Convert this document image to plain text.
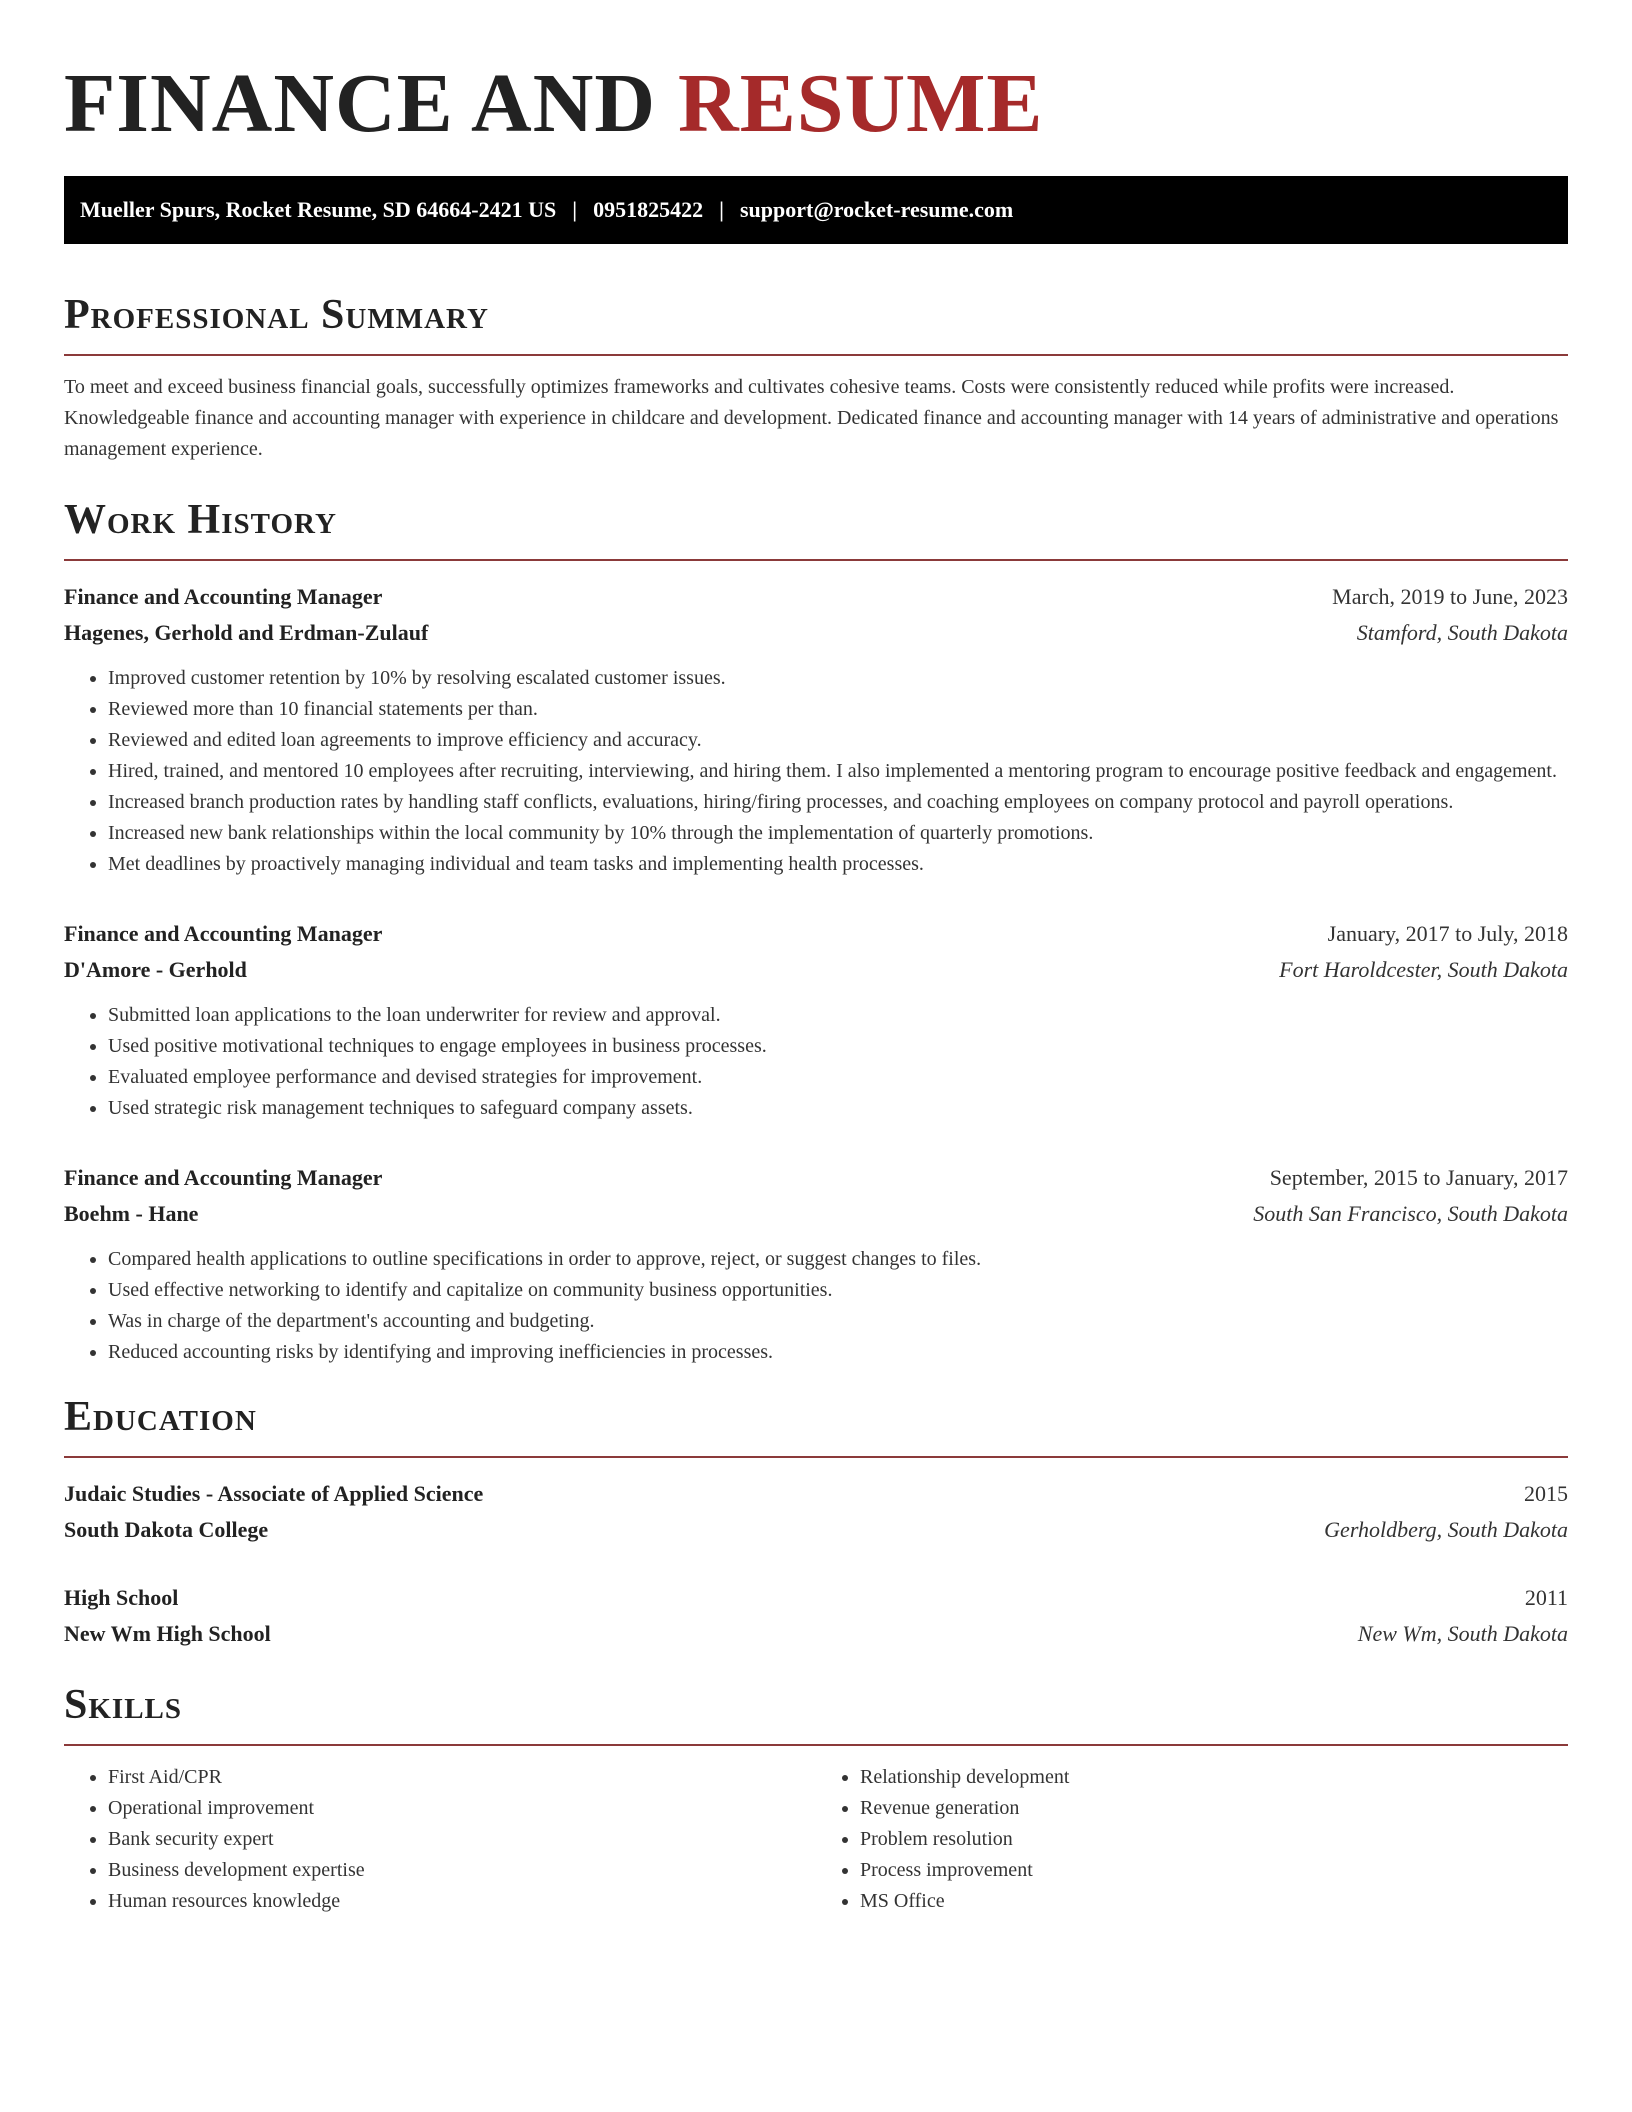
FINANCE AND RESUME
Mueller Spurs, Rocket Resume, SD 64664-2421 US | 0951825422 | support@rocket-resume.com
Professional Summary

To meet and exceed business financial goals, successfully optimizes frameworks and cultivates cohesive teams. Costs were consistently reduced while profits were increased. Knowledgeable finance and accounting manager with experience in childcare and development. Dedicated finance and accounting manager with 14 years of administrative and operations management experience.

Work History
Finance and Accounting Manager	March, 2019 to June, 2023
Hagenes, Gerhold and Erdman-Zulauf	Stamford, South Dakota
• Improved customer retention by 10% by resolving escalated customer issues.
• Reviewed more than 10 financial statements per than.
• Reviewed and edited loan agreements to improve efficiency and accuracy.
• Hired, trained, and mentored 10 employees after recruiting, interviewing, and hiring them. I also implemented a mentoring program to encourage positive feedback and engagement.
• Increased branch production rates by handling staff conflicts, evaluations, hiring/firing processes, and coaching employees on company protocol and payroll operations.
• Increased new bank relationships within the local community by 10% through the implementation of quarterly promotions.
• Met deadlines by proactively managing individual and team tasks and implementing health processes.
Finance and Accounting Manager	January, 2017 to July, 2018
D'Amore - Gerhold	Fort Haroldcester, South Dakota
• Submitted loan applications to the loan underwriter for review and approval.
• Used positive motivational techniques to engage employees in business processes.
• Evaluated employee performance and devised strategies for improvement.
• Used strategic risk management techniques to safeguard company assets.
Finance and Accounting Manager	September, 2015 to January, 2017
Boehm - Hane	South San Francisco, South Dakota
• Compared health applications to outline specifications in order to approve, reject, or suggest changes to files.
• Used effective networking to identify and capitalize on community business opportunities.
• Was in charge of the department's accounting and budgeting.
• Reduced accounting risks by identifying and improving inefficiencies in processes.
Education
Judaic Studies - Associate of Applied Science	2015
South Dakota College	Gerholdberg, South Dakota
High School	2011
New Wm High School	New Wm, South Dakota
Skills
• First Aid/CPR
• Operational improvement
• Bank security expert
• Business development expertise
• Human resources knowledge
• Relationship development
• Revenue generation
• Problem resolution
• Process improvement
• MS Office
